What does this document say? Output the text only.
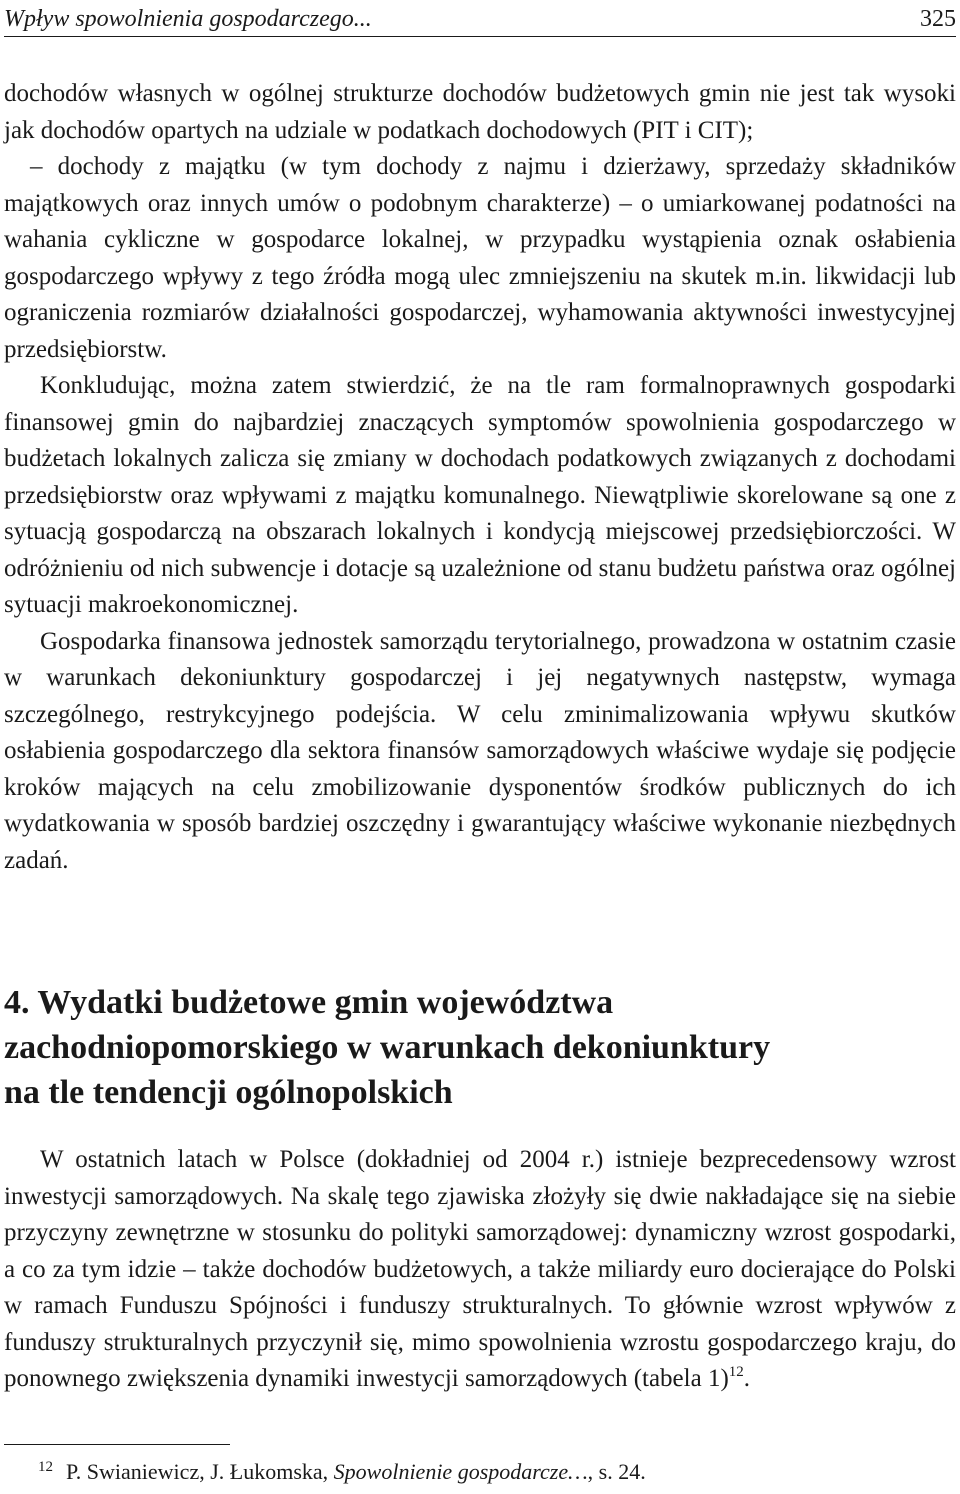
Wpływ spowolnienia gospodarczego...	325

dochodów własnych w ogólnej strukturze dochodów budżetowych gmin nie jest tak wysoki jak dochodów opartych na udziale w podatkach dochodowych (PIT i CIT);

– dochody z majątku (w tym dochody z najmu i dzierżawy, sprzedaży składników majątkowych oraz innych umów o podobnym charakterze) – o umiarkowanej podatności na wahania cykliczne w gospodarce lokalnej, w przypadku wystąpienia oznak osłabienia gospodarczego wpływy z tego źródła mogą ulec zmniejszeniu na skutek m.in. likwidacji lub ograniczenia rozmiarów działalności gospodarczej, wyhamowania aktywności inwestycyjnej przedsiębiorstw.

Konkludując, można zatem stwierdzić, że na tle ram formalnoprawnych gospodarki finansowej gmin do najbardziej znaczących symptomów spowolnienia gospodarczego w budżetach lokalnych zalicza się zmiany w dochodach podatkowych związanych z dochodami przedsiębiorstw oraz wpływami z majątku komunalnego. Niewątpliwie skorelowane są one z sytuacją gospodarczą na obszarach lokalnych i kondycją miejscowej przedsiębiorczości. W odróżnieniu od nich subwencje i dotacje są uzależnione od stanu budżetu państwa oraz ogólnej sytuacji makroekonomicznej.

Gospodarka finansowa jednostek samorządu terytorialnego, prowadzona w ostatnim czasie w warunkach dekoniunktury gospodarczej i jej negatywnych następstw, wymaga szczególnego, restrykcyjnego podejścia. W celu zminimalizowania wpływu skutków osłabienia gospodarczego dla sektora finansów samorządowych właściwe wydaje się podjęcie kroków mających na celu zmobilizowanie dysponentów środków publicznych do ich wydatkowania w sposób bardziej oszczędny i gwarantujący właściwe wykonanie niezbędnych zadań.

4. Wydatki budżetowe gmin województwa
zachodniopomorskiego w warunkach dekoniunktury
na tle tendencji ogólnopolskich

W ostatnich latach w Polsce (dokładniej od 2004 r.) istnieje bezprecedensowy wzrost inwestycji samorządowych. Na skalę tego zjawiska złożyły się dwie nakładające się na siebie przyczyny zewnętrzne w stosunku do polityki samorządowej: dynamiczny wzrost gospodarki, a co za tym idzie – także dochodów budżetowych, a także miliardy euro docierające do Polski w ramach Funduszu Spójności i funduszy strukturalnych. To głównie wzrost wpływów z funduszy strukturalnych przyczynił się, mimo spowolnienia wzrostu gospodarczego kraju, do ponownego zwiększenia dynamiki inwestycji samorządowych (tabela 1)$^{12}$.

12 P. Swianiewicz, J. Łukomska, Spowolnienie gospodarcze…, s. 24.
